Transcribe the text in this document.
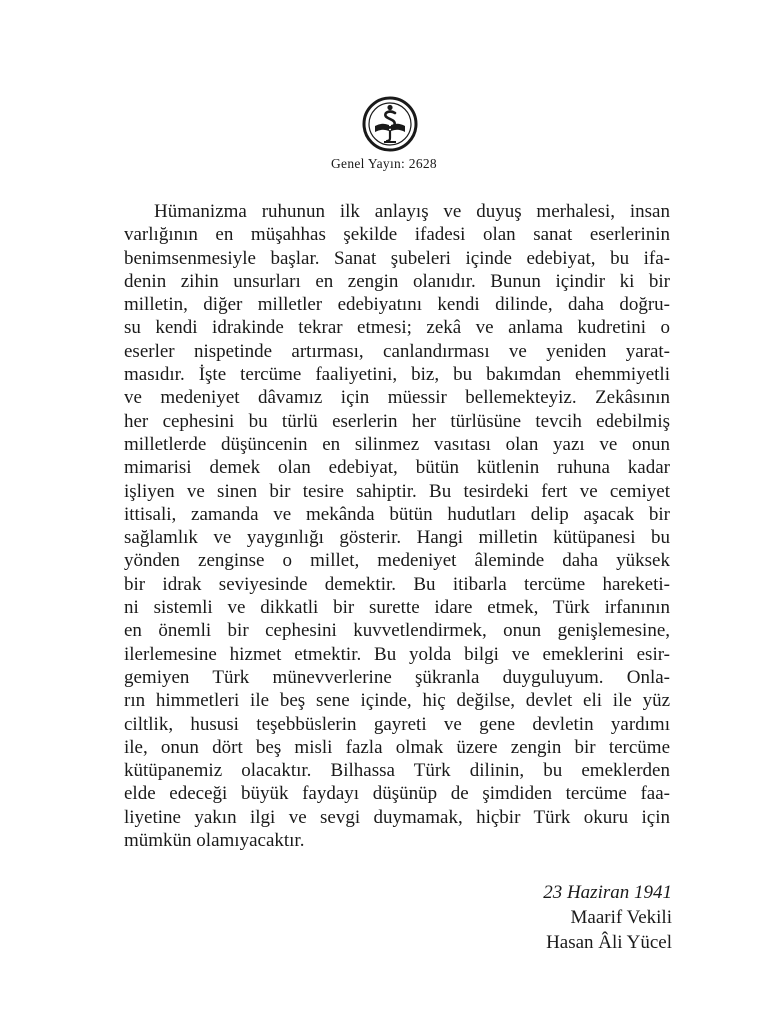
Genel Yayın: 2628
Hümanizma ruhunun ilk anlayış ve duyuş merhalesi, insan
varlığının en müşahhas şekilde ifadesi olan sanat eserlerinin
benimsenmesiyle başlar. Sanat şubeleri içinde edebiyat, bu ifa-
denin zihin unsurları en zengin olanıdır. Bunun içindir ki bir
milletin, diğer milletler edebiyatını kendi dilinde, daha doğru-
su kendi idrakinde tekrar etmesi; zekâ ve anlama kudretini o
eserler nispetinde artırması, canlandırması ve yeniden yarat-
masıdır. İşte tercüme faaliyetini, biz, bu bakımdan ehemmiyetli
ve medeniyet dâvamız için müessir bellemekteyiz. Zekâsının
her cephesini bu türlü eserlerin her türlüsüne tevcih edebilmiş
milletlerde düşüncenin en silinmez vasıtası olan yazı ve onun
mimarisi demek olan edebiyat, bütün kütlenin ruhuna kadar
işliyen ve sinen bir tesire sahiptir. Bu tesirdeki fert ve cemiyet
ittisali, zamanda ve mekânda bütün hudutları delip aşacak bir
sağlamlık ve yaygınlığı gösterir. Hangi milletin kütüpanesi bu
yönden zenginse o millet, medeniyet âleminde daha yüksek
bir idrak seviyesinde demektir. Bu itibarla tercüme hareketi-
ni sistemli ve dikkatli bir surette idare etmek, Türk irfanının
en önemli bir cephesini kuvvetlendirmek, onun genişlemesine,
ilerlemesine hizmet etmektir. Bu yolda bilgi ve emeklerini esir-
gemiyen Türk münevverlerine şükranla duyguluyum. Onla-
rın himmetleri ile beş sene içinde, hiç değilse, devlet eli ile yüz
ciltlik, hususi teşebbüslerin gayreti ve gene devletin yardımı
ile, onun dört beş misli fazla olmak üzere zengin bir tercüme
kütüpanemiz olacaktır. Bilhassa Türk dilinin, bu emeklerden
elde edeceği büyük faydayı düşünüp de şimdiden tercüme faa-
liyetine yakın ilgi ve sevgi duymamak, hiçbir Türk okuru için
mümkün olamıyacaktır.
23 Haziran 1941
Maarif Vekili
Hasan Âli Yücel
